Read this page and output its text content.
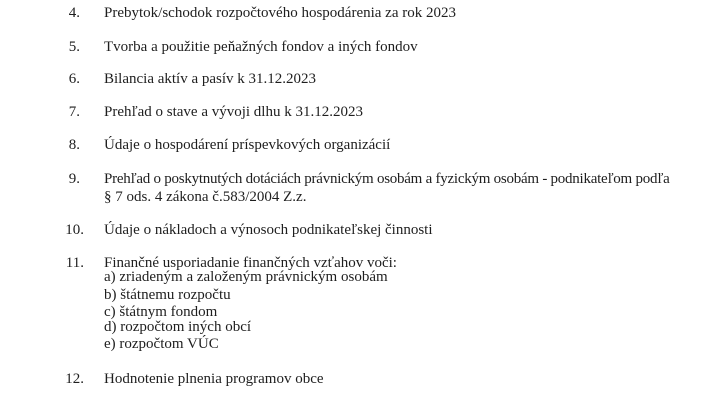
4. Prebytok/schodok rozpočtového hospodárenia za rok 2023
5. Tvorba a použitie peňažných fondov a iných fondov
6. Bilancia aktív a pasív k 31.12.2023
7. Prehľad o stave a vývoji dlhu k 31.12.2023
8. Údaje o hospodárení príspevkových organizácií
9. Prehľad o poskytnutých dotáciách právnickým osobám a fyzickým osobám - podnikateľom podľa
§ 7 ods. 4 zákona č.583/2004 Z.z.
10. Údaje o nákladoch a výnosoch podnikateľskej činnosti
11. Finančné usporiadanie finančných vzťahov voči:
a) zriadeným a založeným právnickým osobám
b) štátnemu rozpočtu
c) štátnym fondom
d) rozpočtom iných obcí
e) rozpočtom VÚC
12. Hodnotenie plnenia programov obce
